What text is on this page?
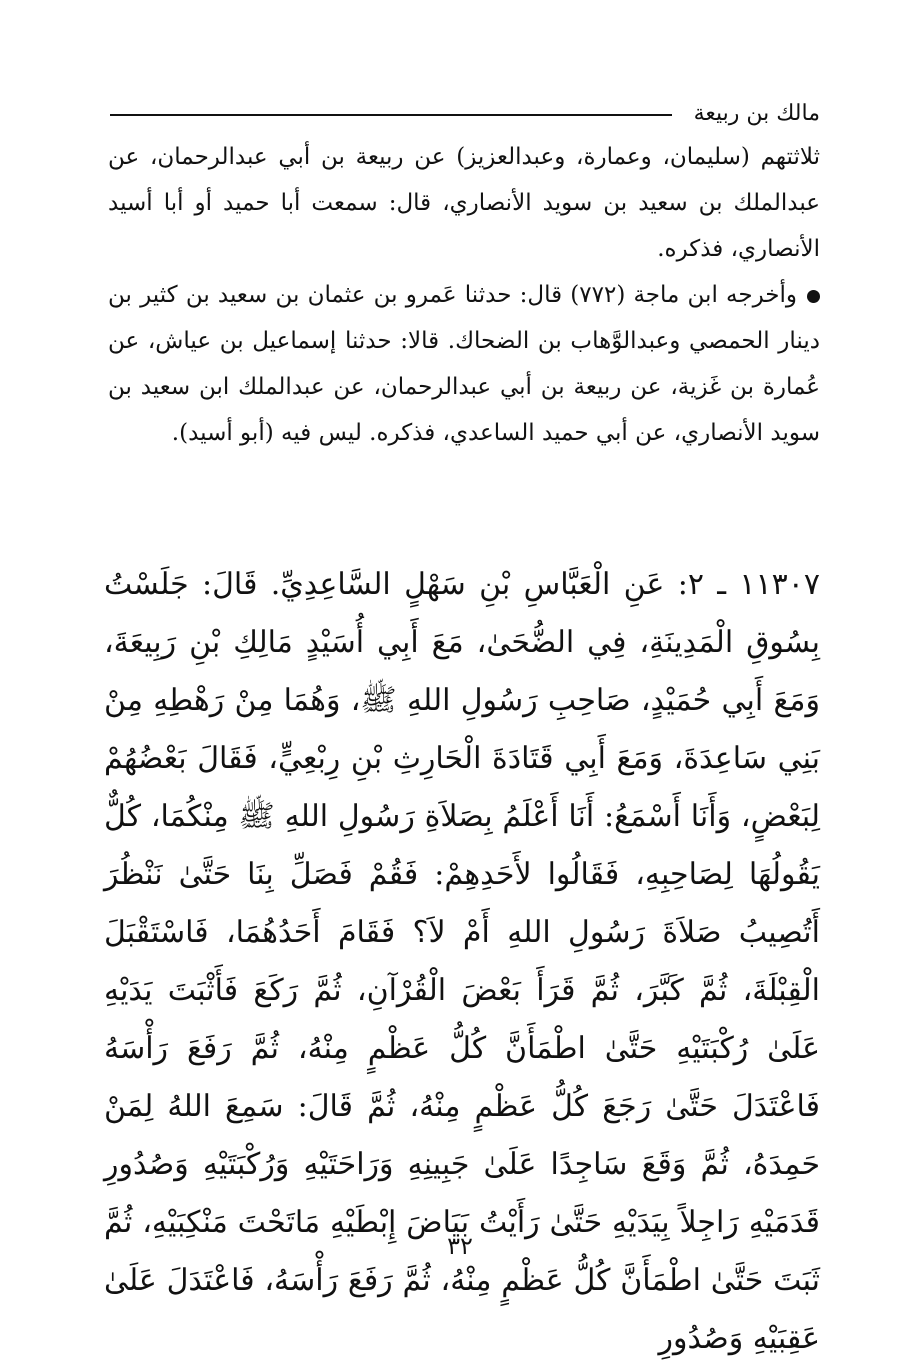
مالك بن ربيعة

ثلاثتهم (سليمان، وعمارة، وعبدالعزيز) عن ربيعة بن أبي عبدالرحمان، عن عبدالملك بن سعيد بن سويد الأنصاري، قال: سمعت أبا حميد أو أبا أسيد الأنصاري، فذكره.

وأخرجه ابن ماجة (٧٧٢) قال: حدثنا عَمرو بن عثمان بن سعيد بن كثير بن دينار الحمصي وعبدالوَّهاب بن الضحاك. قالا: حدثنا إسماعيل بن عياش، عن عُمارة بن غَزية، عن ربيعة بن أبي عبدالرحمان، عن عبدالملك ابن سعيد بن سويد الأنصاري، عن أبي حميد الساعدي، فذكره. ليس فيه (أبو أسيد).

١١٣٠٧ ـ ٢: عَنِ الْعَبَّاسِ بْنِ سَهْلٍ السَّاعِدِيِّ. قَالَ: جَلَسْتُ بِسُوقِ الْمَدِينَةِ، فِي الضُّحَىٰ، مَعَ أَبِي أُسَيْدٍ مَالِكِ بْنِ رَبِيعَةَ، وَمَعَ أَبِي حُمَيْدٍ، صَاحِبِ رَسُولِ اللهِ ﷺ، وَهُمَا مِنْ رَهْطِهِ مِنْ بَنِي سَاعِدَةَ، وَمَعَ أَبِي قَتَادَةَ الْحَارِثِ بْنِ رِبْعِيٍّ، فَقَالَ بَعْضُهُمْ لِبَعْضٍ، وَأَنَا أَسْمَعُ: أَنَا أَعْلَمُ بِصَلاَةِ رَسُولِ اللهِ ﷺ مِنْكُمَا، كُلٌّ يَقُولُهَا لِصَاحِبِهِ، فَقَالُوا لأَحَدِهِمْ: فَقُمْ فَصَلِّ بِنَا حَتَّىٰ نَنْظُرَ أَتُصِيبُ صَلاَةَ رَسُولِ اللهِ أَمْ لاَ؟ فَقَامَ أَحَدُهُمَا، فَاسْتَقْبَلَ الْقِبْلَةَ، ثُمَّ كَبَّرَ، ثُمَّ قَرَأَ بَعْضَ الْقُرْآنِ، ثُمَّ رَكَعَ فَأَثْبَتَ يَدَيْهِ عَلَىٰ رُكْبَتَيْهِ حَتَّىٰ اطْمَأَنَّ كُلُّ عَظْمٍ مِنْهُ، ثُمَّ رَفَعَ رَأْسَهُ فَاعْتَدَلَ حَتَّىٰ رَجَعَ كُلُّ عَظْمٍ مِنْهُ، ثُمَّ قَالَ: سَمِعَ اللهُ لِمَنْ حَمِدَهُ، ثُمَّ وَقَعَ سَاجِدًا عَلَىٰ جَبِينِهِ وَرَاحَتَيْهِ وَرُكْبَتَيْهِ وَصُدُورِ قَدَمَيْهِ رَاجِلاً بِيَدَيْهِ حَتَّىٰ رَأَيْتُ بَيَاضَ إِبْطَيْهِ مَاتَحْتَ مَنْكِبَيْهِ، ثُمَّ ثَبَتَ حَتَّىٰ اطْمَأَنَّ كُلُّ عَظْمٍ مِنْهُ، ثُمَّ رَفَعَ رَأْسَهُ، فَاعْتَدَلَ عَلَىٰ عَقِبَيْهِ وَصُدُورِ

٣٢
